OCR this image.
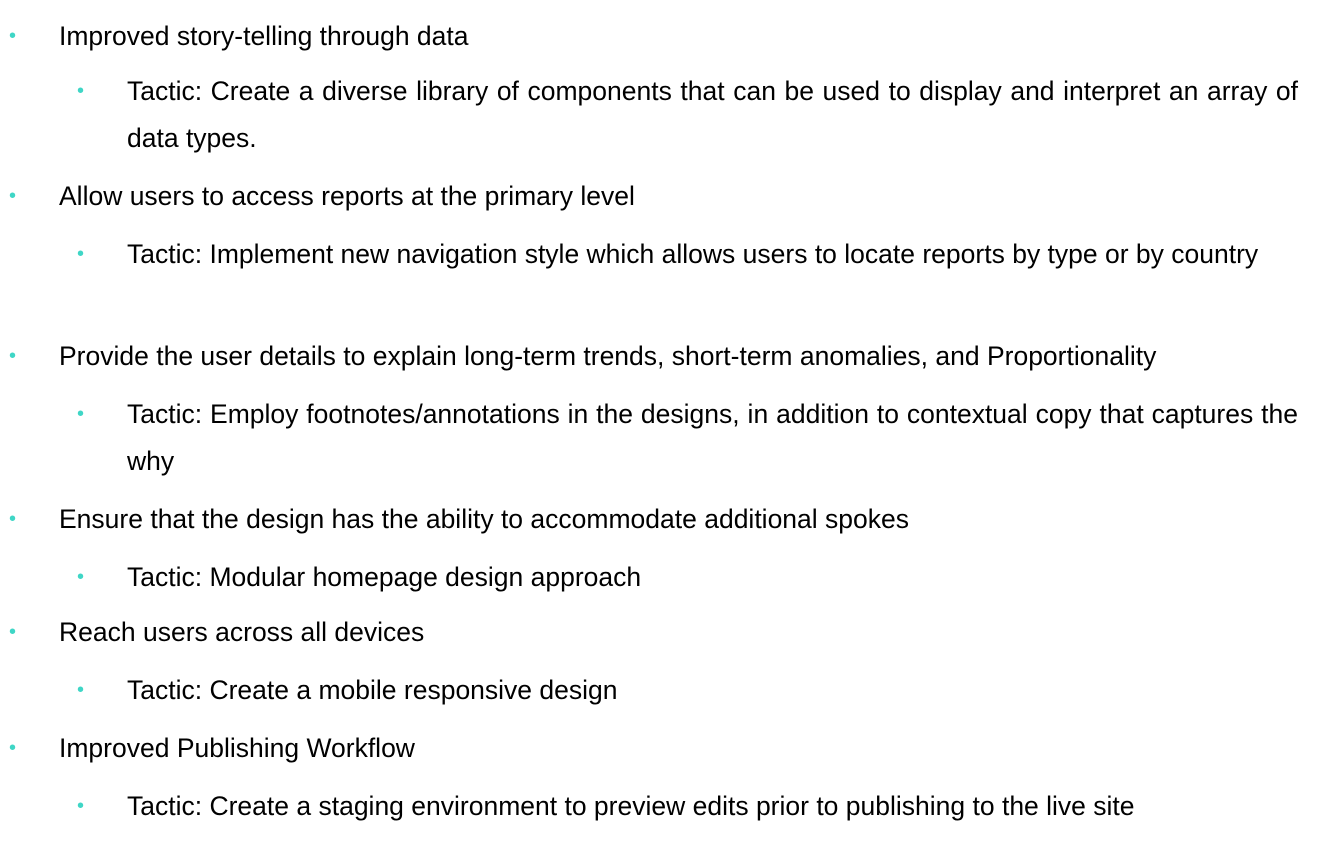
• Improved story-telling through data
• Tactic: Create a diverse library of components that can be used to display and interpret an array of data types.
• Allow users to access reports at the primary level
• Tactic: Implement new navigation style which allows users to locate reports by type or by country
• Provide the user details to explain long-term trends, short-term anomalies, and Proportionality
• Tactic: Employ footnotes/annotations in the designs, in addition to contextual copy that captures the why
• Ensure that the design has the ability to accommodate additional spokes
• Tactic: Modular homepage design approach
• Reach users across all devices
• Tactic: Create a mobile responsive design
• Improved Publishing Workflow
• Tactic: Create a staging environment to preview edits prior to publishing to the live site
